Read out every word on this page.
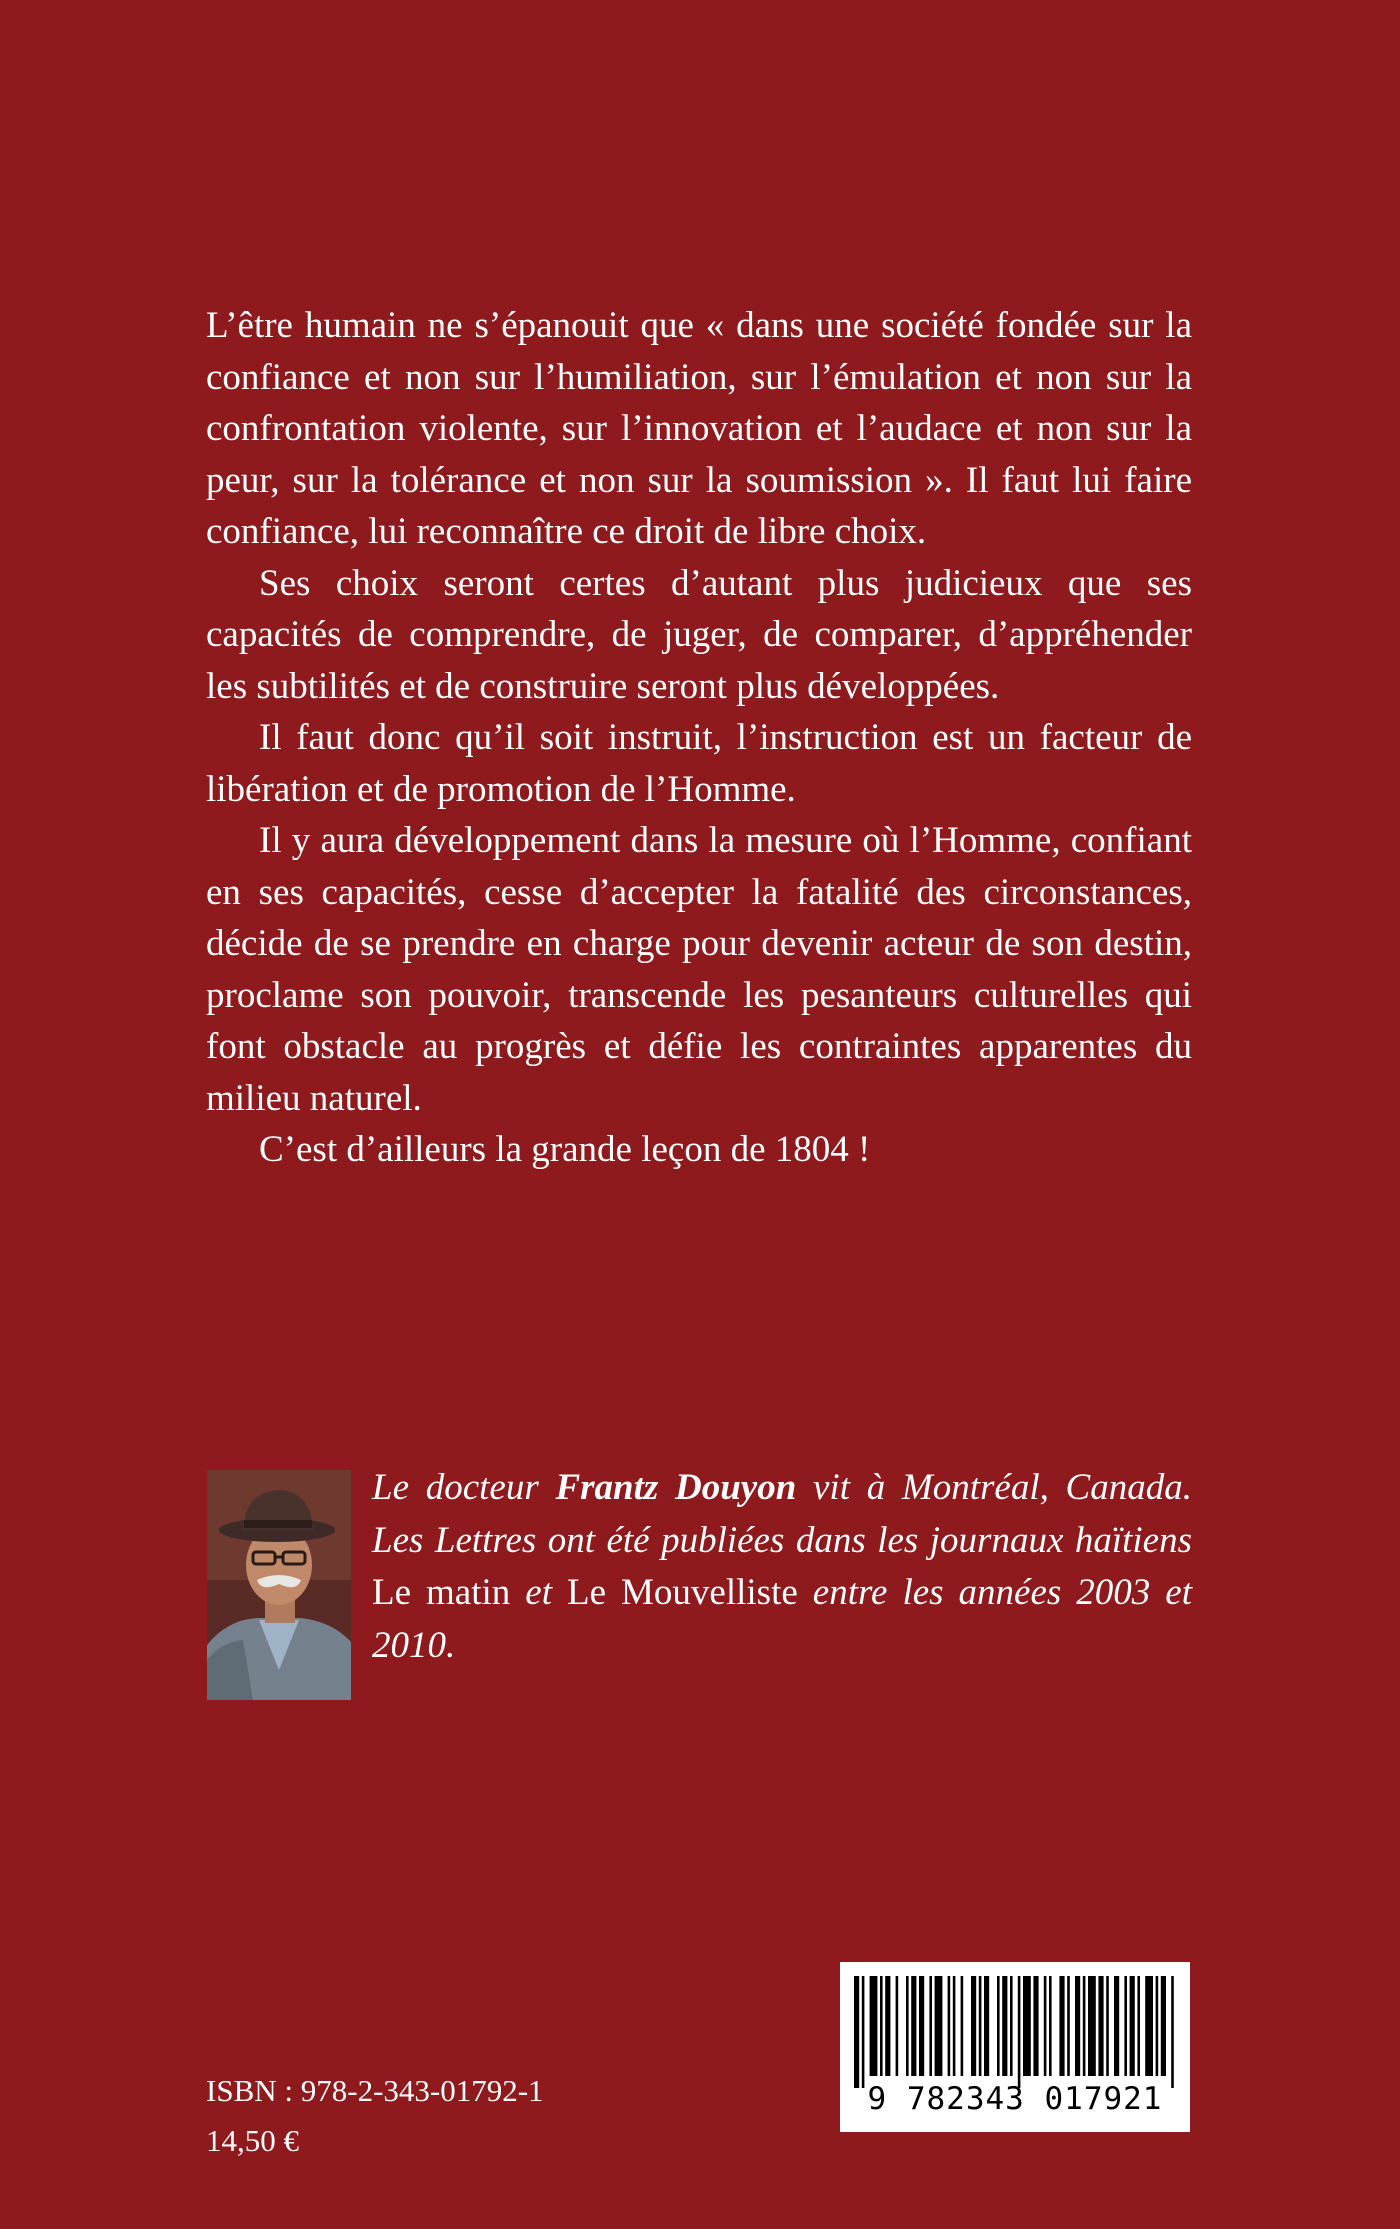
L’être humain ne s’épanouit que « dans une société fondée sur la confiance et non sur l’humiliation, sur l’émulation et non sur la confrontation violente, sur l’innovation et l’audace et non sur la peur, sur la tolérance et non sur la soumission ». Il faut lui faire confiance, lui reconnaître ce droit de libre choix.

Ses choix seront certes d’autant plus judicieux que ses capacités de comprendre, de juger, de comparer, d’appréhender les subtilités et de construire seront plus développées.

Il faut donc qu’il soit instruit, l’instruction est un facteur de libération et de promotion de l’Homme.

Il y aura développement dans la mesure où l’Homme, confiant en ses capacités, cesse d’accepter la fatalité des circonstances, décide de se prendre en charge pour devenir acteur de son destin, proclame son pouvoir, transcende les pesanteurs culturelles qui font obstacle au progrès et défie les contraintes apparentes du milieu naturel.

C’est d’ailleurs la grande leçon de 1804 !

Le docteur Frantz Douyon vit à Montréal, Canada. Les Lettres ont été publiées dans les journaux haïtiens Le matin et Le Mouvelliste entre les années 2003 et 2010.
ISBN : 978-2-343-01792-1
14,50 €
9 782343 017921
